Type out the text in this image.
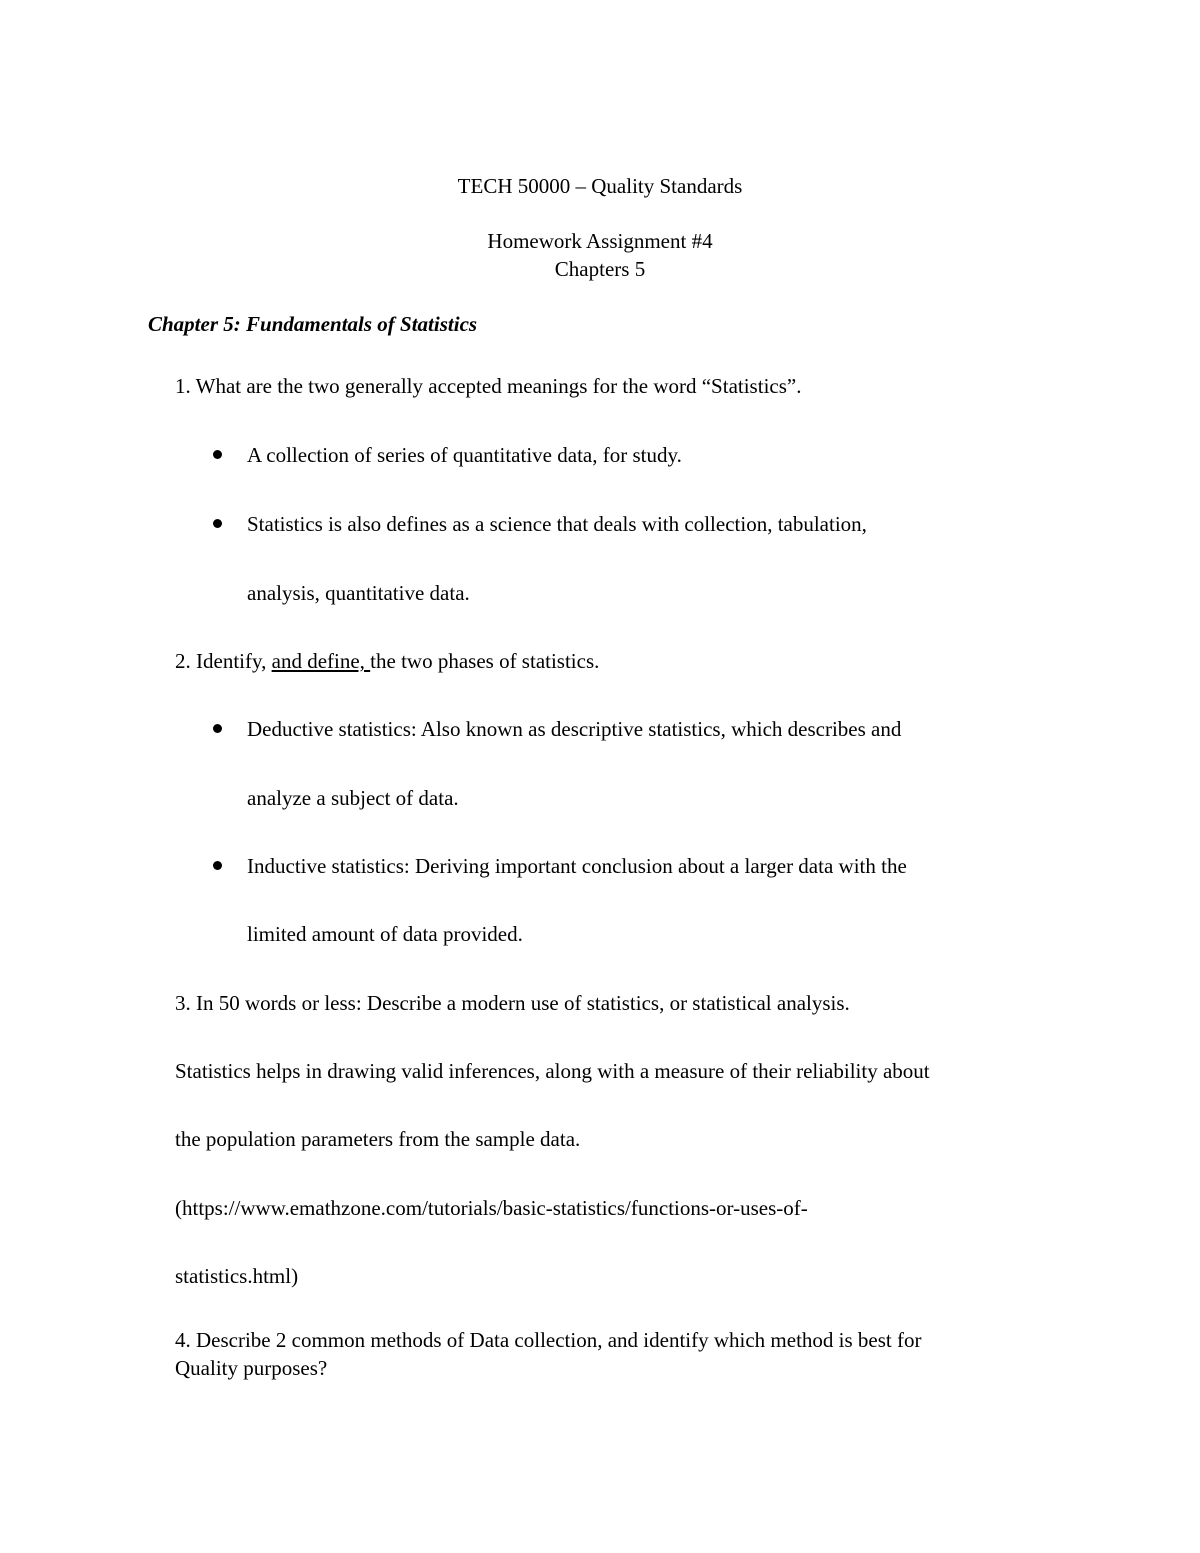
TECH 50000 – Quality Standards
Homework Assignment #4
Chapters 5
Chapter 5: Fundamentals of Statistics
1. What are the two generally accepted meanings for the word “Statistics”.
A collection of series of quantitative data, for study.
Statistics is also defines as a science that deals with collection, tabulation,
analysis, quantitative data.
2. Identify, and define, the two phases of statistics.
Deductive statistics: Also known as descriptive statistics, which describes and
analyze a subject of data.
Inductive statistics: Deriving important conclusion about a larger data with the
limited amount of data provided.
3. In 50 words or less: Describe a modern use of statistics, or statistical analysis.
Statistics helps in drawing valid inferences, along with a measure of their reliability about
the population parameters from the sample data.
(https://www.emathzone.com/tutorials/basic-statistics/functions-or-uses-of-
statistics.html)
4. Describe 2 common methods of Data collection, and identify which method is best for
Quality purposes?
